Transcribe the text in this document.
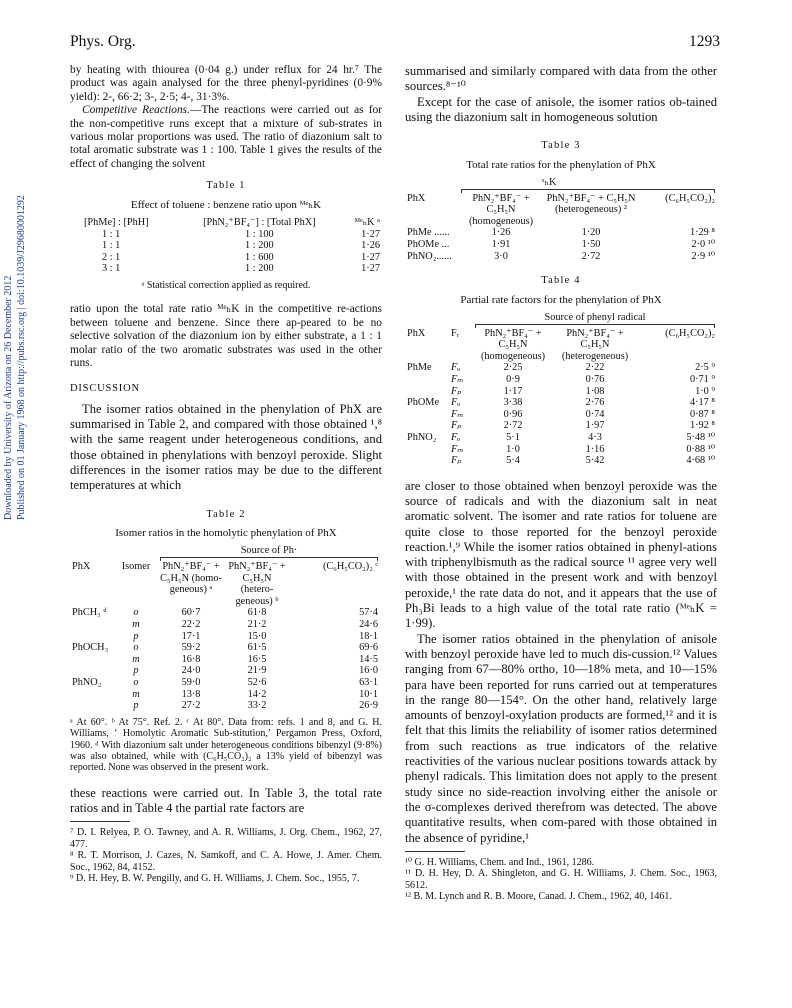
Phys. Org.	1293
Downloaded by University of Arizona on 26 December 2012 Published on 01 January 1968 on http://pubs.rsc.org | doi:10.1039/J29680001292

by heating with thiourea (0·04 g.) under reflux for 24 hr.⁷ The product was again analysed for the three phenyl-pyridines (0·9% yield): 2-, 66·2; 3-, 2·5; 4-, 31·3%.

Competitive Reactions.—The reactions were carried out as for the non-competitive runs except that a mixture of sub-strates in various molar proportions was used. The ratio of diazonium salt to total aromatic substrate was 1 : 100. Table 1 gives the results of the effect of changing the solvent

Table 1
Effect of toluene : benzene ratio upon ᴹᵉₕK
[PhMe] : [PhH]	[PhN₂⁺BF₄⁻] : [Total PhX]	ᴹᵉₕK ᵃ
1 : 1	1 : 100	1·27
1 : 1	1 : 200	1·26
2 : 1	1 : 600	1·27
3 : 1	1 : 200	1·27

ᵃ Statistical correction applied as required.

ratio upon the total rate ratio ᴹᵉₕK in the competitive re-actions between toluene and benzene. Since there ap-peared to be no selective solvation of the diazonium ion by either substrate, a 1 : 1 molar ratio of the two aromatic substrates was used in the other runs.

DISCUSSION

The isomer ratios obtained in the phenylation of PhX are summarised in Table 2, and compared with those obtained ¹,⁸ with the same reagent under heterogeneous conditions, and those obtained in phenylations with benzoyl peroxide. Slight differences in the isomer ratios may be due to the different temperatures at which

Table 2
Isomer ratios in the homolytic phenylation of PhX
		Source of Ph·		

PhX	Isomer	PhN₂⁺BF₄⁻ + C₅H₅N (homo-geneous) ᵃ	PhN₂⁺BF₄⁻ + C₅H₅N (hetero-geneous) ᵇ	(C₆H₅CO₂)₂ ᶜ
PhCH₃ ᵈ	o	60·7	61·8	57·4
	m	22·2	21·2	24·6
	p	17·1	15·0	18·1
PhOCH₃	o	59·2	61·5	69·6
	m	16·8	16·5	14·5
	p	24·0	21·9	16·0
PhNO₂	o	59·0	52·6	63·1
	m	13·8	14·2	10·1
	p	27·2	33·2	26·9

ᵃ At 60°. ᵇ At 75°. Ref. 2. ᶜ At 80°. Data from: refs. 1 and 8, and G. H. Williams, ‘ Homolytic Aromatic Sub-stitution,’ Pergamon Press, Oxford, 1960. ᵈ With diazonium salt under heterogeneous conditions bibenzyl (9·8%) was also obtained, while with (C₆H₅CO₂)₂ a 13% yield of bibenzyl was reported. None was observed in the present work.

these reactions were carried out. In Table 3, the total rate ratios and in Table 4 the partial rate factors are

⁷ D. I. Relyea, P. O. Tawney, and A. R. Williams, J. Org. Chem., 1962, 27, 477.

⁸ R. T. Morrison, J. Cazes, N. Samkoff, and C. A. Howe, J. Amer. Chem. Soc., 1962, 84, 4152.

⁹ D. H. Hey, B. W. Pengilly, and G. H. Williams, J. Chem. Soc., 1955, 7.

summarised and similarly compared with data from the other sources.⁸⁻¹⁰

Except for the case of anisole, the isomer ratios ob-tained using the diazonium salt in homogeneous solution

Table 3
Total rate ratios for the phenylation of PhX
	ˣₕK		

PhX	PhN₂⁺BF₄⁻ + C₅H₅N (homogeneous)	PhN₂⁺BF₄⁻ + C₅H₅N (heterogeneous) ²	(C₆H₅CO₂)₂
PhMe ......	1·26	1·20	1·29 ⁸
PhOMe ...	1·91	1·50	2·0 ¹⁰
PhNO₂......	3·0	2·72	2·9 ¹⁰
Table 4
Partial rate factors for the phenylation of PhX
		Source of phenyl radical		

PhX	Fᵣ	PhN₂⁺BF₄⁻ + C₅H₅N (homogeneous)	PhN₂⁺BF₄⁻ + C₅H₅N (heterogeneous)	(C₆H₅CO₂)₂
PhMe	Fₒ	2·25	2·22	2·5 ⁹
	Fₘ	0·9	0·76	0·71 ⁹
	Fₚ	1·17	1·08	1·0 ⁹
PhOMe	Fₒ	3·38	2·76	4·17 ⁸
	Fₘ	0·96	0·74	0·87 ⁸
	Fₚ	2·72	1·97	1·92 ⁸
PhNO₂	Fₒ	5·1	4·3	5·48 ¹⁰
	Fₘ	1·0	1·16	0·88 ¹⁰
	Fₚ	5·4	5·42	4·68 ¹⁰

are closer to those obtained when benzoyl peroxide was the source of radicals and with the diazonium salt in neat aromatic solvent. The isomer and rate ratios for toluene are quite close to those reported for the benzoyl peroxide reaction.¹,⁹ While the isomer ratios obtained in phenyl-ations with triphenylbismuth as the radical source ¹¹ agree very well with those obtained in the present work and with benzoyl peroxide,¹ the rate data do not, and it appears that the use of Ph₃Bi leads to a high value of the total rate ratio (ᴹᵉₕK = 1·99).

The isomer ratios obtained in the phenylation of anisole with benzoyl peroxide have led to much dis-cussion.¹² Values ranging from 67—80% ortho, 10—18% meta, and 10—15% para have been reported for runs carried out at temperatures in the range 80—154°. On the other hand, relatively large amounts of benzoyl-oxylation products are formed,¹² and it is felt that this limits the reliability of isomer ratios determined from such reactions as true indicators of the relative reactivities of the various nuclear positions towards attack by phenyl radicals. This limitation does not apply to the present study since no side-reaction involving either the anisole or the σ-complexes derived therefrom was detected. The above quantitative results, when com-pared with those obtained in the absence of pyridine,¹

¹⁰ G. H. Williams, Chem. and Ind., 1961, 1286.

¹¹ D. H. Hey, D. A. Shingleton, and G. H. Williams, J. Chem. Soc., 1963, 5612.

¹² B. M. Lynch and R. B. Moore, Canad. J. Chem., 1962, 40, 1461.
